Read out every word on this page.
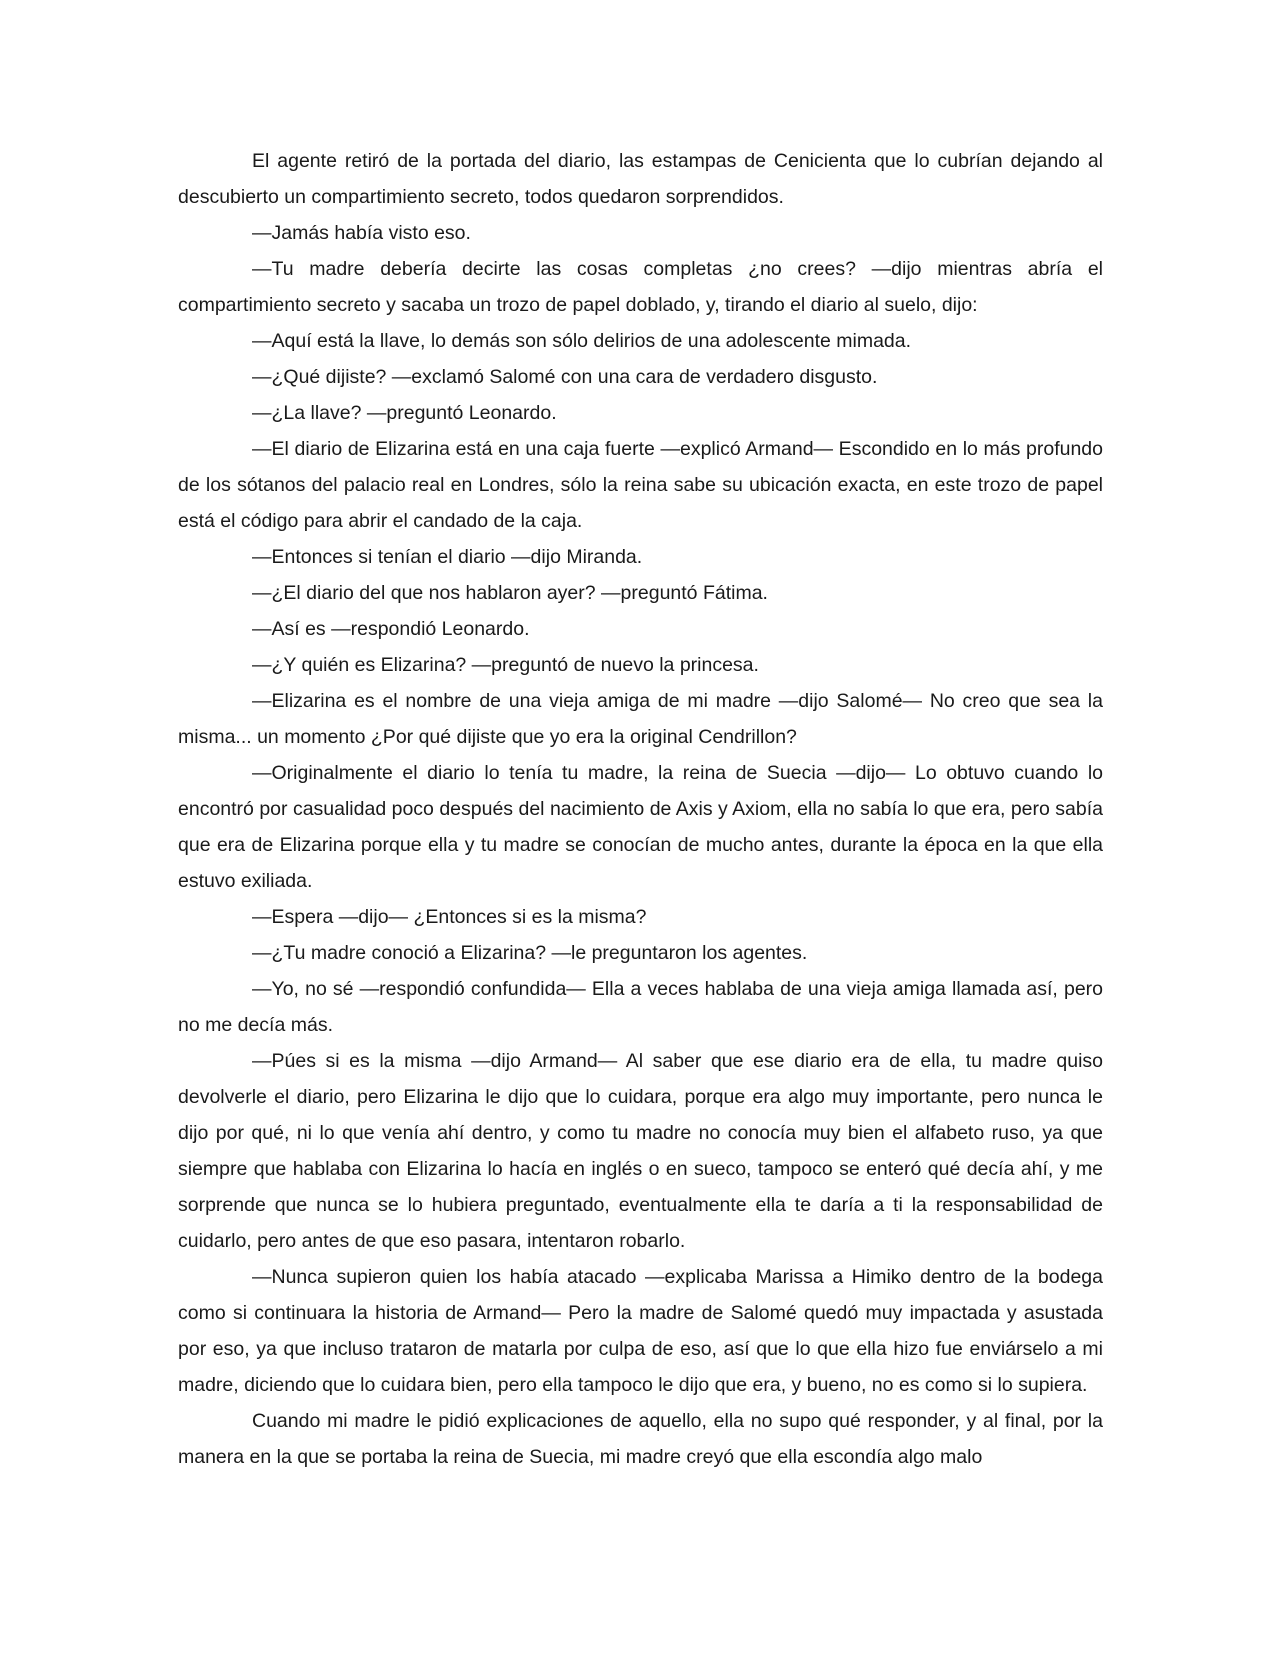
El agente retiró de la portada del diario, las estampas de Cenicienta que lo cubrían dejando al descubierto un compartimiento secreto, todos quedaron sorprendidos.

―Jamás había visto eso.

―Tu madre debería decirte las cosas completas ¿no crees? ―dijo mientras abría el compartimiento secreto y sacaba un trozo de papel doblado, y, tirando el diario al suelo, dijo:

―Aquí está la llave, lo demás son sólo delirios de una adolescente mimada.

―¿Qué dijiste? ―exclamó Salomé con una cara de verdadero disgusto.

―¿La llave? ―preguntó Leonardo.

―El diario de Elizarina está en una caja fuerte ―explicó Armand― Escondido en lo más profundo de los sótanos del palacio real en Londres, sólo la reina sabe su ubicación exacta, en este trozo de papel está el código para abrir el candado de la caja.

―Entonces si tenían el diario ―dijo Miranda.

―¿El diario del que nos hablaron ayer? ―preguntó Fátima.

―Así es ―respondió Leonardo.

―¿Y quién es Elizarina? ―preguntó de nuevo la princesa.

―Elizarina es el nombre de una vieja amiga de mi madre ―dijo Salomé― No creo que sea la misma... un momento ¿Por qué dijiste que yo era la original Cendrillon?

―Originalmente el diario lo tenía tu madre, la reina de Suecia ―dijo― Lo obtuvo cuando lo encontró por casualidad poco después del nacimiento de Axis y Axiom, ella no sabía lo que era, pero sabía que era de Elizarina porque ella y tu madre se conocían de mucho antes, durante la época en la que ella estuvo exiliada.

―Espera ―dijo― ¿Entonces si es la misma?

―¿Tu madre conoció a Elizarina? ―le preguntaron los agentes.

―Yo, no sé ―respondió confundida― Ella a veces hablaba de una vieja amiga llamada así, pero no me decía más.

―Púes si es la misma ―dijo Armand― Al saber que ese diario era de ella, tu madre quiso devolverle el diario, pero Elizarina le dijo que lo cuidara, porque era algo muy importante, pero nunca le dijo por qué, ni lo que venía ahí dentro, y como tu madre no conocía muy bien el alfabeto ruso, ya que siempre que hablaba con Elizarina lo hacía en inglés o en sueco, tampoco se enteró qué decía ahí, y me sorprende que nunca se lo hubiera preguntado, eventualmente ella te daría a ti la responsabilidad de cuidarlo, pero antes de que eso pasara, intentaron robarlo.

―Nunca supieron quien los había atacado ―explicaba Marissa a Himiko dentro de la bodega como si continuara la historia de Armand― Pero la madre de Salomé quedó muy impactada y asustada por eso, ya que incluso trataron de matarla por culpa de eso, así que lo que ella hizo fue enviárselo a mi madre, diciendo que lo cuidara bien, pero ella tampoco le dijo que era, y bueno, no es como si lo supiera.

Cuando mi madre le pidió explicaciones de aquello, ella no supo qué responder, y al final, por la manera en la que se portaba la reina de Suecia, mi madre creyó que ella escondía algo malo
